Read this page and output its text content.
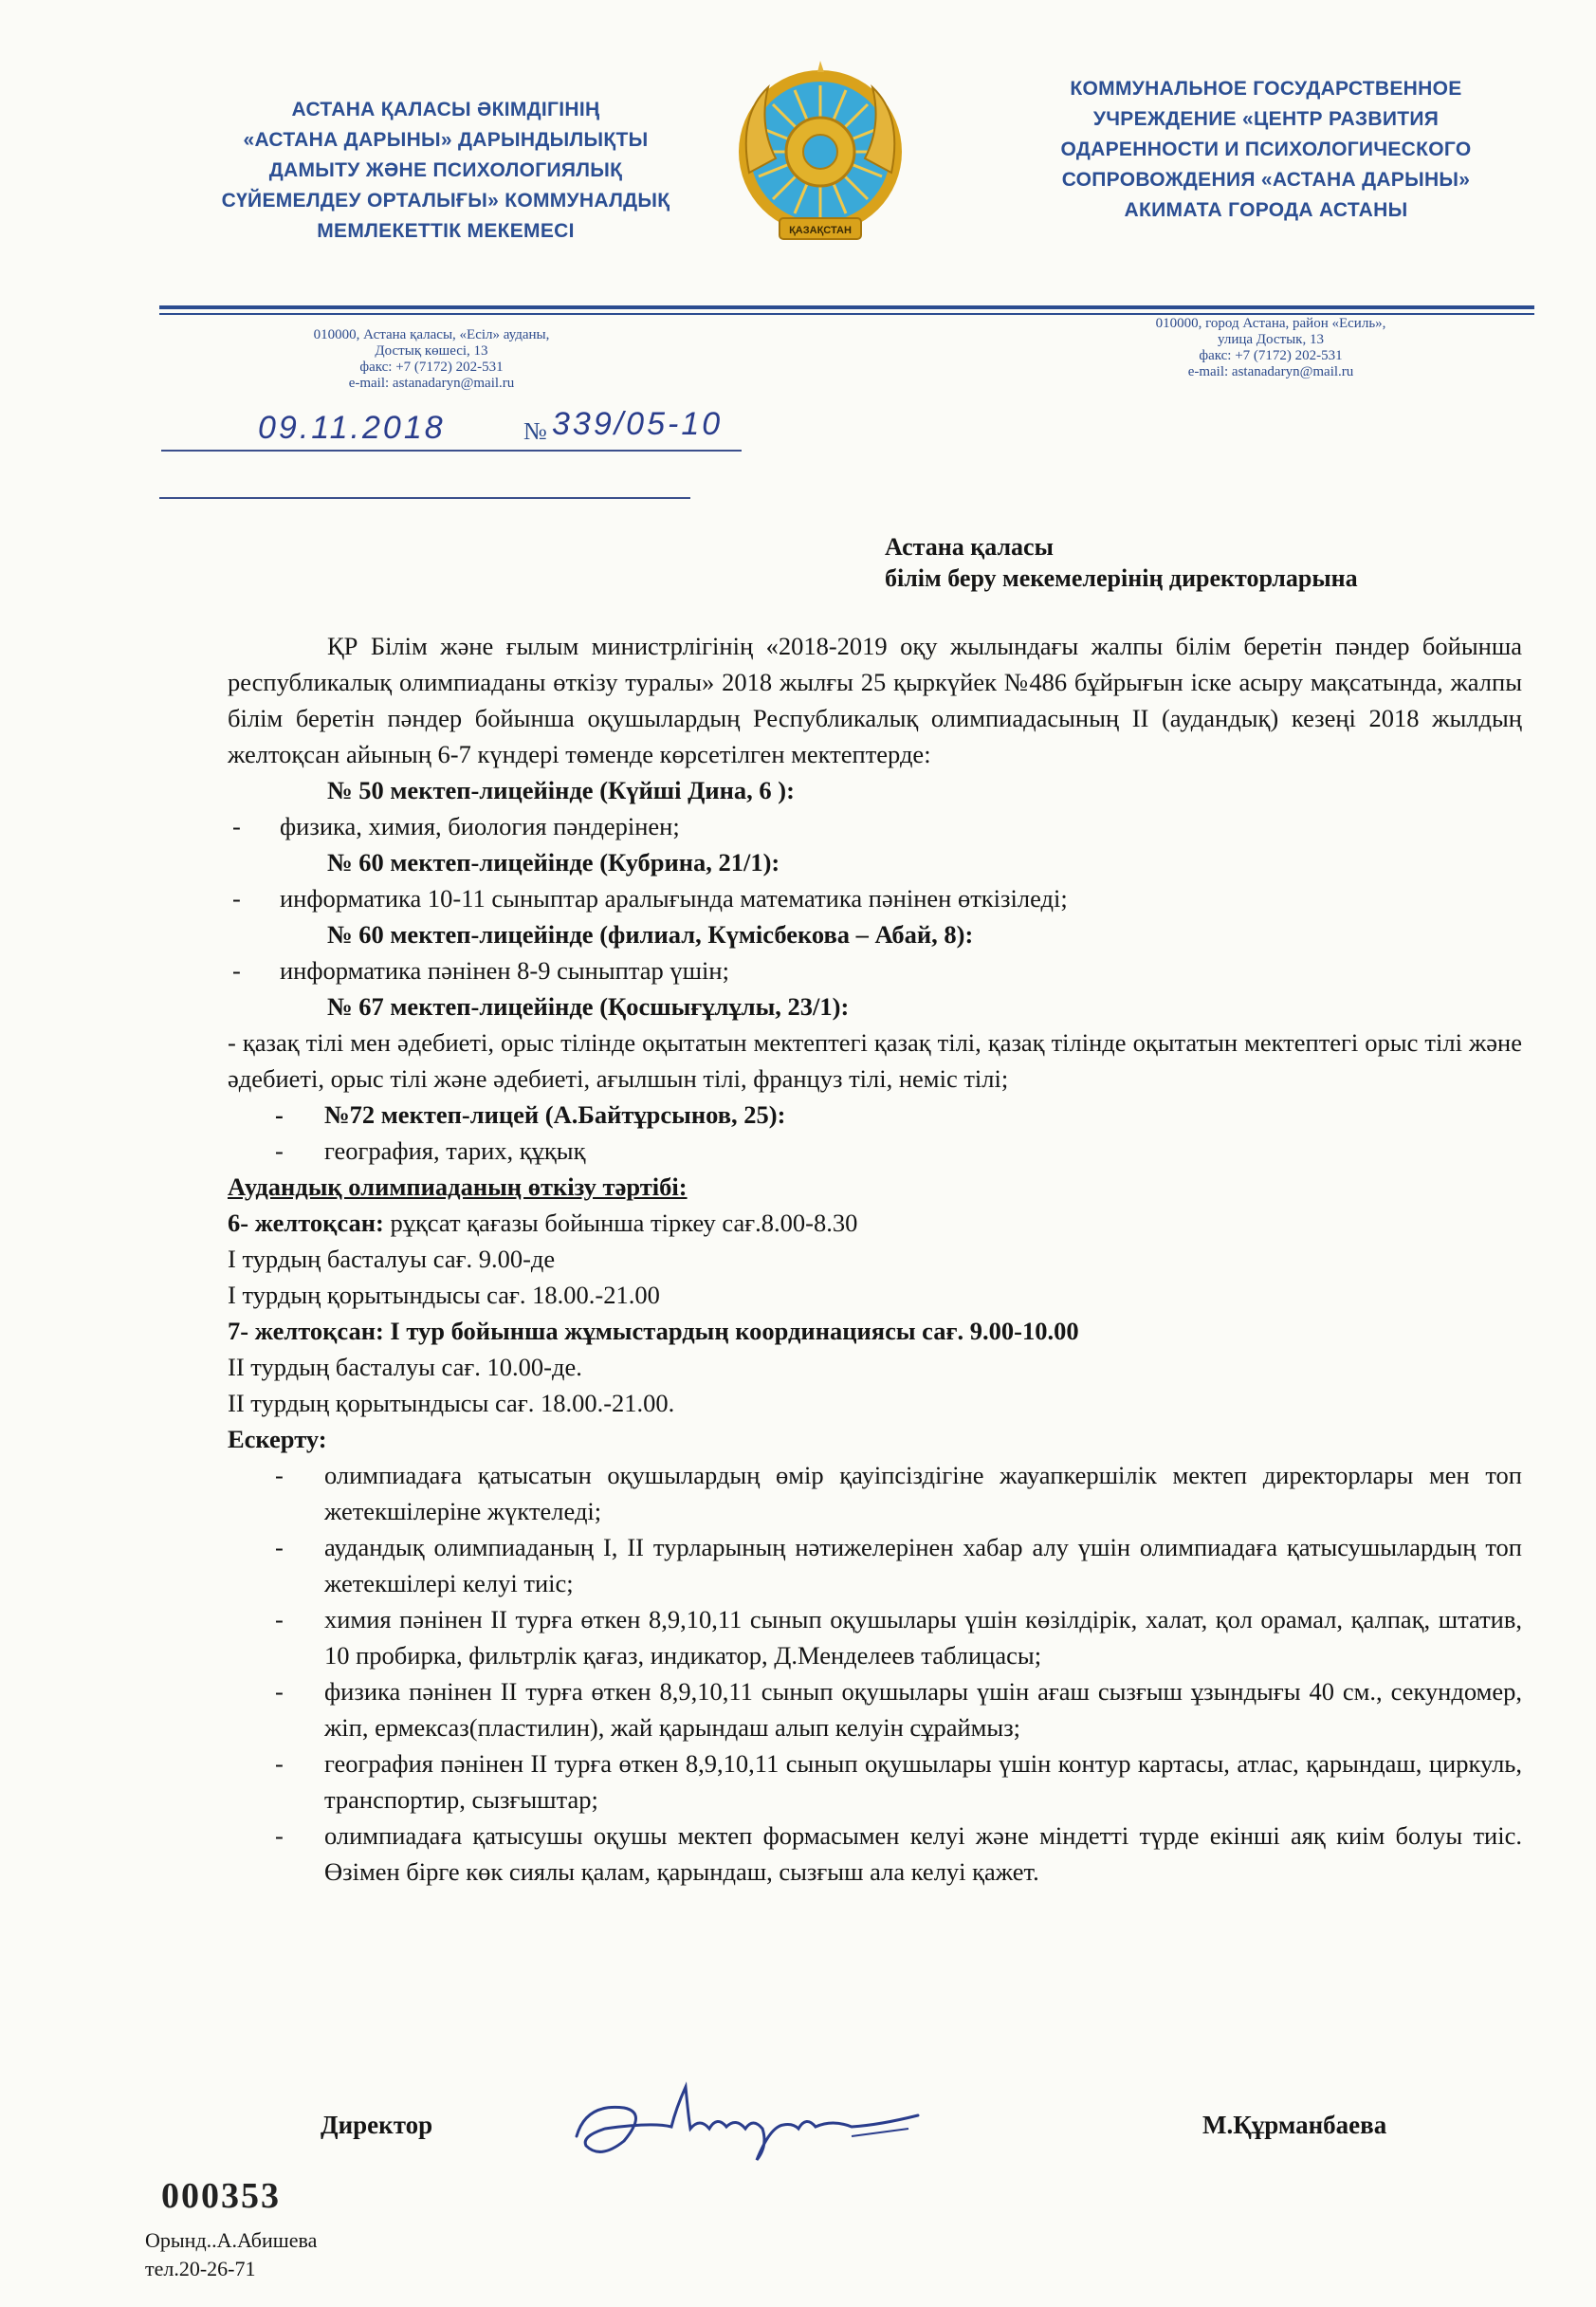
АСТАНА ҚАЛАСЫ ӘКІМДІГІНІҢ
«АСТАНА ДАРЫНЫ» ДАРЫНДЫЛЫҚТЫ
ДАМЫТУ ЖӘНЕ ПСИХОЛОГИЯЛЫҚ
СҮЙЕМЕЛДЕУ ОРТАЛЫҒЫ» КОММУНАЛДЫҚ
МЕМЛЕКЕТТІК МЕКЕМЕСІ	ҚАЗАҚСТАН
КОММУНАЛЬНОЕ ГОСУДАРСТВЕННОЕ
УЧРЕЖДЕНИЕ «ЦЕНТР РАЗВИТИЯ
ОДАРЕННОСТИ И ПСИХОЛОГИЧЕСКОГО
СОПРОВОЖДЕНИЯ «АСТАНА ДАРЫНЫ»
АКИМАТА ГОРОДА АСТАНЫ
010000, Астана қаласы, «Есіл» ауданы,
Достық көшесі, 13
факс: +7 (7172) 202-531
e-mail: astanadaryn@mail.ru
010000, город Астана, район «Есиль»,
улица Достык, 13
факс: +7 (7172) 202-531
e-mail: astanadaryn@mail.ru
09.11.2018	№ 339/05-10
Астана қаласы
білім беру мекемелерінің директорларына

ҚР Білім және ғылым министрлігінің «2018-2019 оқу жылындағы жалпы білім беретін пәндер бойынша республикалық олимпиаданы өткізу туралы» 2018 жылғы 25 қыркүйек №486 бұйрығын іске асыру мақсатында, жалпы білім беретін пәндер бойынша оқушылардың Республикалық олимпиадасының ІІ (аудандық) кезеңі 2018 жылдың желтоқсан айының 6-7 күндері төменде көрсетілген мектептерде:

№ 50 мектеп-лицейінде (Күйші Дина, 6 ):

- физика, химия, биология пәндерінен;

№ 60 мектеп-лицейінде (Кубрина, 21/1):

- информатика 10-11 сыныптар аралығында математика пәнінен өткізіледі;

№ 60 мектеп-лицейінде (филиал, Күмісбекова – Абай, 8):

- информатика пәнінен 8-9 сыныптар үшін;

№ 67 мектеп-лицейінде (Қосшығұлұлы, 23/1):

- қазақ тілі мен әдебиеті, орыс тілінде оқытатын мектептегі қазақ тілі, қазақ тілінде оқытатын мектептегі орыс тілі және әдебиеті, орыс тілі және әдебиеті, ағылшын тілі, француз тілі, неміс тілі;

- №72 мектеп-лицей (А.Байтұрсынов, 25):

- география, тарих, құқық

Аудандық олимпиаданың өткізу тәртібі:

6- желтоқсан: рұқсат қағазы бойынша тіркеу сағ.8.00-8.30

І турдың басталуы сағ. 9.00-де

І турдың қорытындысы сағ. 18.00.-21.00

7- желтоқсан: І тур бойынша жұмыстардың координациясы сағ. 9.00-10.00

ІІ турдың басталуы сағ. 10.00-де.

ІІ турдың қорытындысы сағ. 18.00.-21.00.

Ескерту:

- олимпиадаға қатысатын оқушылардың өмір қауіпсіздігіне жауапкершілік мектеп директорлары мен топ жетекшілеріне жүктеледі;

- аудандық олимпиаданың І, ІІ турларының нәтижелерінен хабар алу үшін олимпиадаға қатысушылардың топ жетекшілері келуі тиіс;

- химия пәнінен ІІ турға өткен 8,9,10,11 сынып оқушылары үшін көзілдірік, халат, қол орамал, қалпақ, штатив, 10 пробирка, фильтрлік қағаз, индикатор, Д.Менделеев таблицасы;

- физика пәнінен ІІ турға өткен 8,9,10,11 сынып оқушылары үшін ағаш сызғыш ұзындығы 40 см., секундомер, жіп, ермексаз(пластилин), жай қарындаш алып келуін сұраймыз;

- география пәнінен ІІ турға өткен 8,9,10,11 сынып оқушылары үшін контур картасы, атлас, қарындаш, циркуль, транспортир, сызғыштар;

- олимпиадаға қатысушы оқушы мектеп формасымен келуі және міндетті түрде екінші аяқ киім болуы тиіс. Өзімен бірге көк сиялы қалам, қарындаш, сызғыш ала келуі қажет.

Директор	М.Құрманбаева
000353
Орынд..А.Абишева
тел.20-26-71
